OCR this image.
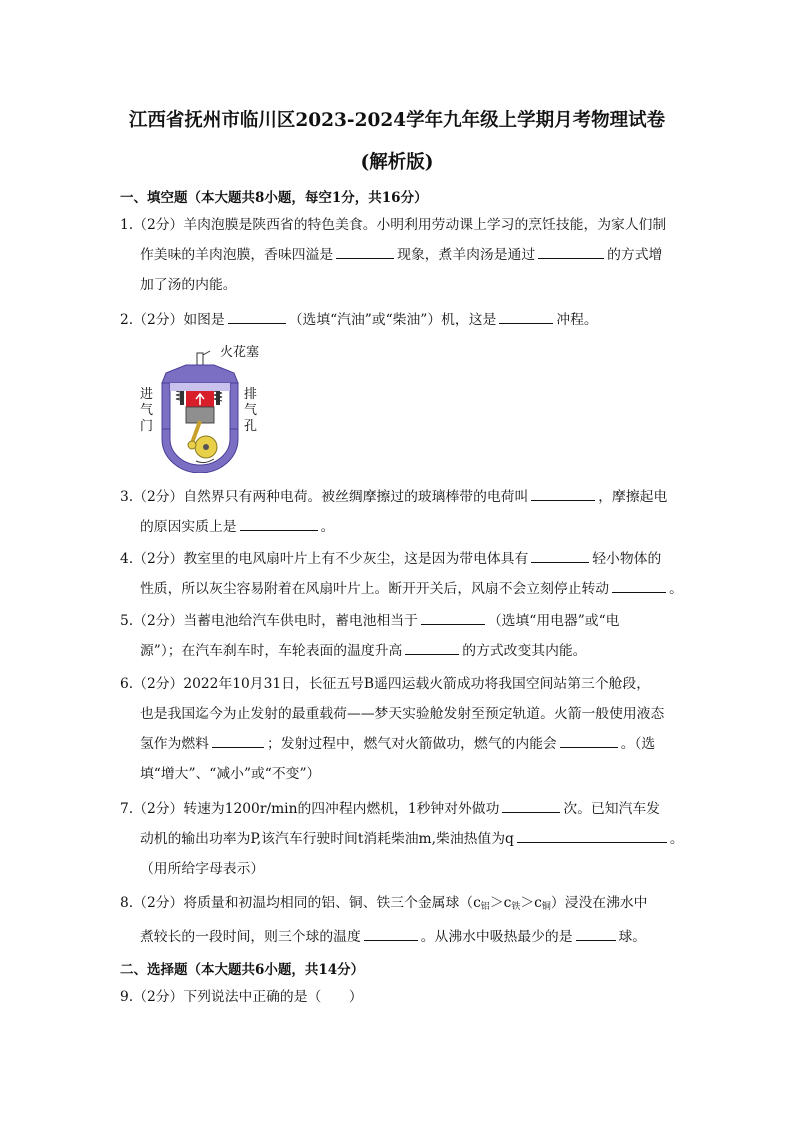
江西省抚州市临川区2023-2024学年九年级上学期月考物理试卷
(解析版)
一、填空题（本大题共8小题，每空1分，共16分）
1.（2分）羊肉泡膜是陕西省的特色美食。小明利用劳动课上学习的烹饪技能，为家人们制
作美味的羊肉泡膜，香味四溢是	现象，煮羊肉汤是通过	的方式增
加了汤的内能。
2.（2分）如图是	（选填“汽油”或“柴油”）机，这是	冲程。
火花塞
进气门
排气孔
3.（2分）自然界只有两种电荷。被丝绸摩擦过的玻璃棒带的电荷叫	，摩擦起电
的原因实质上是	。
4.（2分）教室里的电风扇叶片上有不少灰尘，这是因为带电体具有	轻小物体的
性质，所以灰尘容易附着在风扇叶片上。断开开关后，风扇不会立刻停止转动	。
5.（2分）当蓄电池给汽车供电时，蓄电池相当于	（选填“用电器”或“电
源”）；在汽车刹车时，车轮表面的温度升高	的方式改变其内能。
6.（2分）2022年10月31日，长征五号B遥四运载火箭成功将我国空间站第三个舱段，
也是我国迄今为止发射的最重载荷——梦天实验舱发射至预定轨道。火箭一般使用液态
氢作为燃料	；发射过程中，燃气对火箭做功，燃气的内能会	。（选
填“增大”、“减小”或“不变”）
7.（2分）转速为1200r/min的四冲程内燃机，1秒钟对外做功	次。已知汽车发
动机的输出功率为P,该汽车行驶时间t消耗柴油m,柴油热值为q	。
（用所给字母表示）
8.（2分）将质量和初温均相同的铝、铜、铁三个金属球$(c_铝>c_铁>c_铜)$浸没在沸水中
煮较长的一段时间，则三个球的温度	。从沸水中吸热最少的是	球。
二、选择题（本大题共6小题，共14分）
9.（2分）下列说法中正确的是（　　）
